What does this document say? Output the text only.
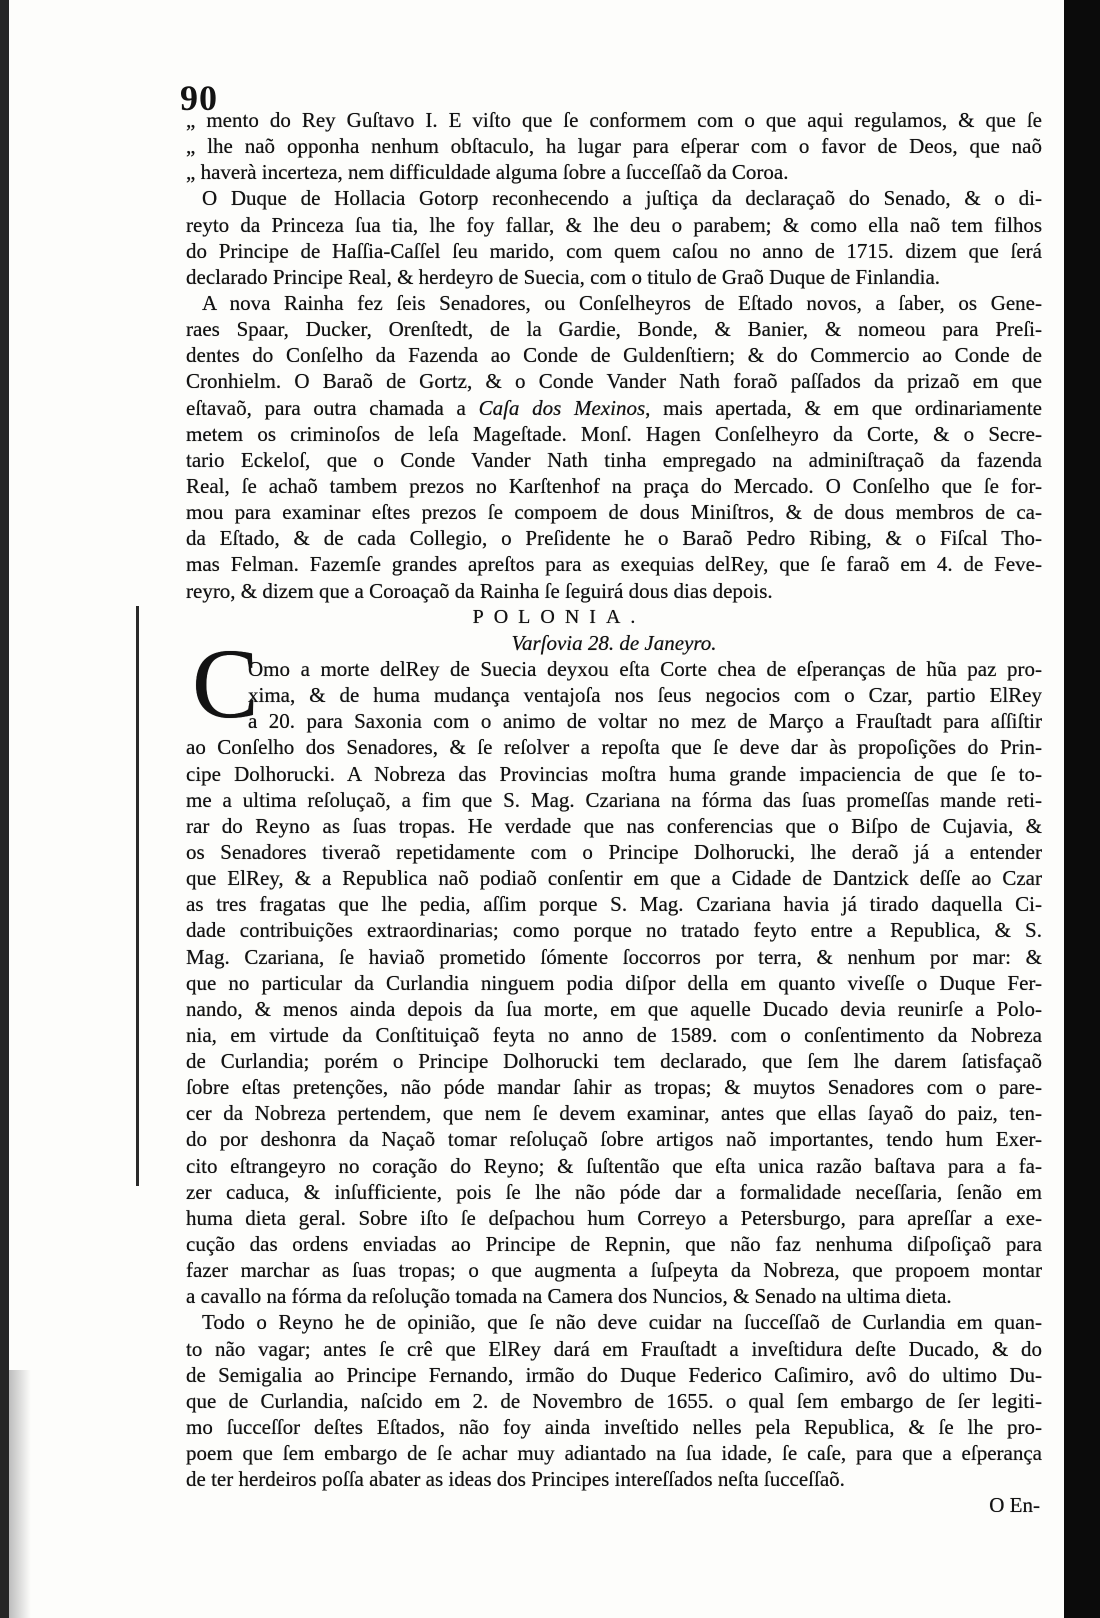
90
„ mento do Rey Guſtavo I. E viſto que ſe conformem com o que aqui regulamos, & que ſe
„ lhe naõ opponha nenhum obſtaculo, ha lugar para eſperar com o favor de Deos, que naõ
„ haverà incerteza, nem difficuldade alguma ſobre a ſucceſſaõ da Coroa.
O Duque de Hollacia Gotorp reconhecendo a juſtiça da declaraçaõ do Senado, & o di-
reyto da Princeza ſua tia, lhe foy fallar, & lhe deu o parabem; & como ella naõ tem filhos
do Principe de Haſſia-Caſſel ſeu marido, com quem caſou no anno de 1715. dizem que ſerá
declarado Principe Real, & herdeyro de Suecia, com o titulo de Graõ Duque de Finlandia.
A nova Rainha fez ſeis Senadores, ou Conſelheyros de Eſtado novos, a ſaber, os Gene-
raes Spaar, Ducker, Orenſtedt, de la Gardie, Bonde, & Banier, & nomeou para Preſi-
dentes do Conſelho da Fazenda ao Conde de Guldenſtiern; & do Commercio ao Conde de
Cronhielm. O Baraõ de Gortz, & o Conde Vander Nath foraõ paſſados da prizaõ em que
eſtavaõ, para outra chamada a Caſa dos Mexinos, mais apertada, & em que ordinariamente
metem os criminoſos de leſa Mageſtade. Monſ. Hagen Conſelheyro da Corte, & o Secre-
tario Eckeloſ, que o Conde Vander Nath tinha empregado na adminiſtraçaõ da fazenda
Real, ſe achaõ tambem prezos no Karſtenhof na praça do Mercado. O Conſelho que ſe for-
mou para examinar eſtes prezos ſe compoem de dous Miniſtros, & de dous membros de ca-
da Eſtado, & de cada Collegio, o Preſidente he o Baraõ Pedro Ribing, & o Fiſcal Tho-
mas Felman. Fazemſe grandes apreſtos para as exequias delRey, que ſe faraõ em 4. de Feve-
reyro, & dizem que a Coroaçaõ da Rainha ſe ſeguirá dous dias depois.
POLONIA.
Varſovia 28. de Janeyro.
C
Omo a morte delRey de Suecia deyxou eſta Corte chea de eſperanças de hũa paz pro-
xima, & de huma mudança ventajoſa nos ſeus negocios com o Czar, partio ElRey
a 20. para Saxonia com o animo de voltar no mez de Março a Frauſtadt para aſſiſtir
ao Conſelho dos Senadores, & ſe reſolver a repoſta que ſe deve dar às propoſições do Prin-
cipe Dolhorucki. A Nobreza das Provincias moſtra huma grande impaciencia de que ſe to-
me a ultima reſoluçaõ, a fim que S. Mag. Czariana na fórma das ſuas promeſſas mande reti-
rar do Reyno as ſuas tropas. He verdade que nas conferencias que o Biſpo de Cujavia, &
os Senadores tiveraõ repetidamente com o Principe Dolhorucki, lhe deraõ já a entender
que ElRey, & a Republica naõ podiaõ conſentir em que a Cidade de Dantzick deſſe ao Czar
as tres fragatas que lhe pedia, aſſim porque S. Mag. Czariana havia já tirado daquella Ci-
dade contribuições extraordinarias; como porque no tratado feyto entre a Republica, & S.
Mag. Czariana, ſe haviaõ prometido ſómente ſoccorros por terra, & nenhum por mar: &
que no particular da Curlandia ninguem podia diſpor della em quanto viveſſe o Duque Fer-
nando, & menos ainda depois da ſua morte, em que aquelle Ducado devia reunirſe a Polo-
nia, em virtude da Conſtituiçaõ feyta no anno de 1589. com o conſentimento da Nobreza
de Curlandia; porém o Principe Dolhorucki tem declarado, que ſem lhe darem ſatisfaçaõ
ſobre eſtas pretenções, não póde mandar ſahir as tropas; & muytos Senadores com o pare-
cer da Nobreza pertendem, que nem ſe devem examinar, antes que ellas ſayaõ do paiz, ten-
do por deshonra da Naçaõ tomar reſoluçaõ ſobre artigos naõ importantes, tendo hum Exer-
cito eſtrangeyro no coração do Reyno; & ſuſtentão que eſta unica razão baſtava para a fa-
zer caduca, & inſufficiente, pois ſe lhe não póde dar a formalidade neceſſaria, ſenão em
huma dieta geral. Sobre iſto ſe deſpachou hum Correyo a Petersburgo, para apreſſar a exe-
cução das ordens enviadas ao Principe de Repnin, que não faz nenhuma diſpoſiçaõ para
fazer marchar as ſuas tropas; o que augmenta a ſuſpeyta da Nobreza, que propoem montar
a cavallo na fórma da reſolução tomada na Camera dos Nuncios, & Senado na ultima dieta.
Todo o Reyno he de opinião, que ſe não deve cuidar na ſucceſſaõ de Curlandia em quan-
to não vagar; antes ſe crê que ElRey dará em Frauſtadt a inveſtidura deſte Ducado, & do
de Semigalia ao Principe Fernando, irmão do Duque Federico Caſimiro, avô do ultimo Du-
que de Curlandia, naſcido em 2. de Novembro de 1655. o qual ſem embargo de ſer legiti-
mo ſucceſſor deſtes Eſtados, não foy ainda inveſtido nelles pela Republica, & ſe lhe pro-
poem que ſem embargo de ſe achar muy adiantado na ſua idade, ſe caſe, para que a eſperança
de ter herdeiros poſſa abater as ideas dos Principes intereſſados neſta ſucceſſaõ.
O En-
